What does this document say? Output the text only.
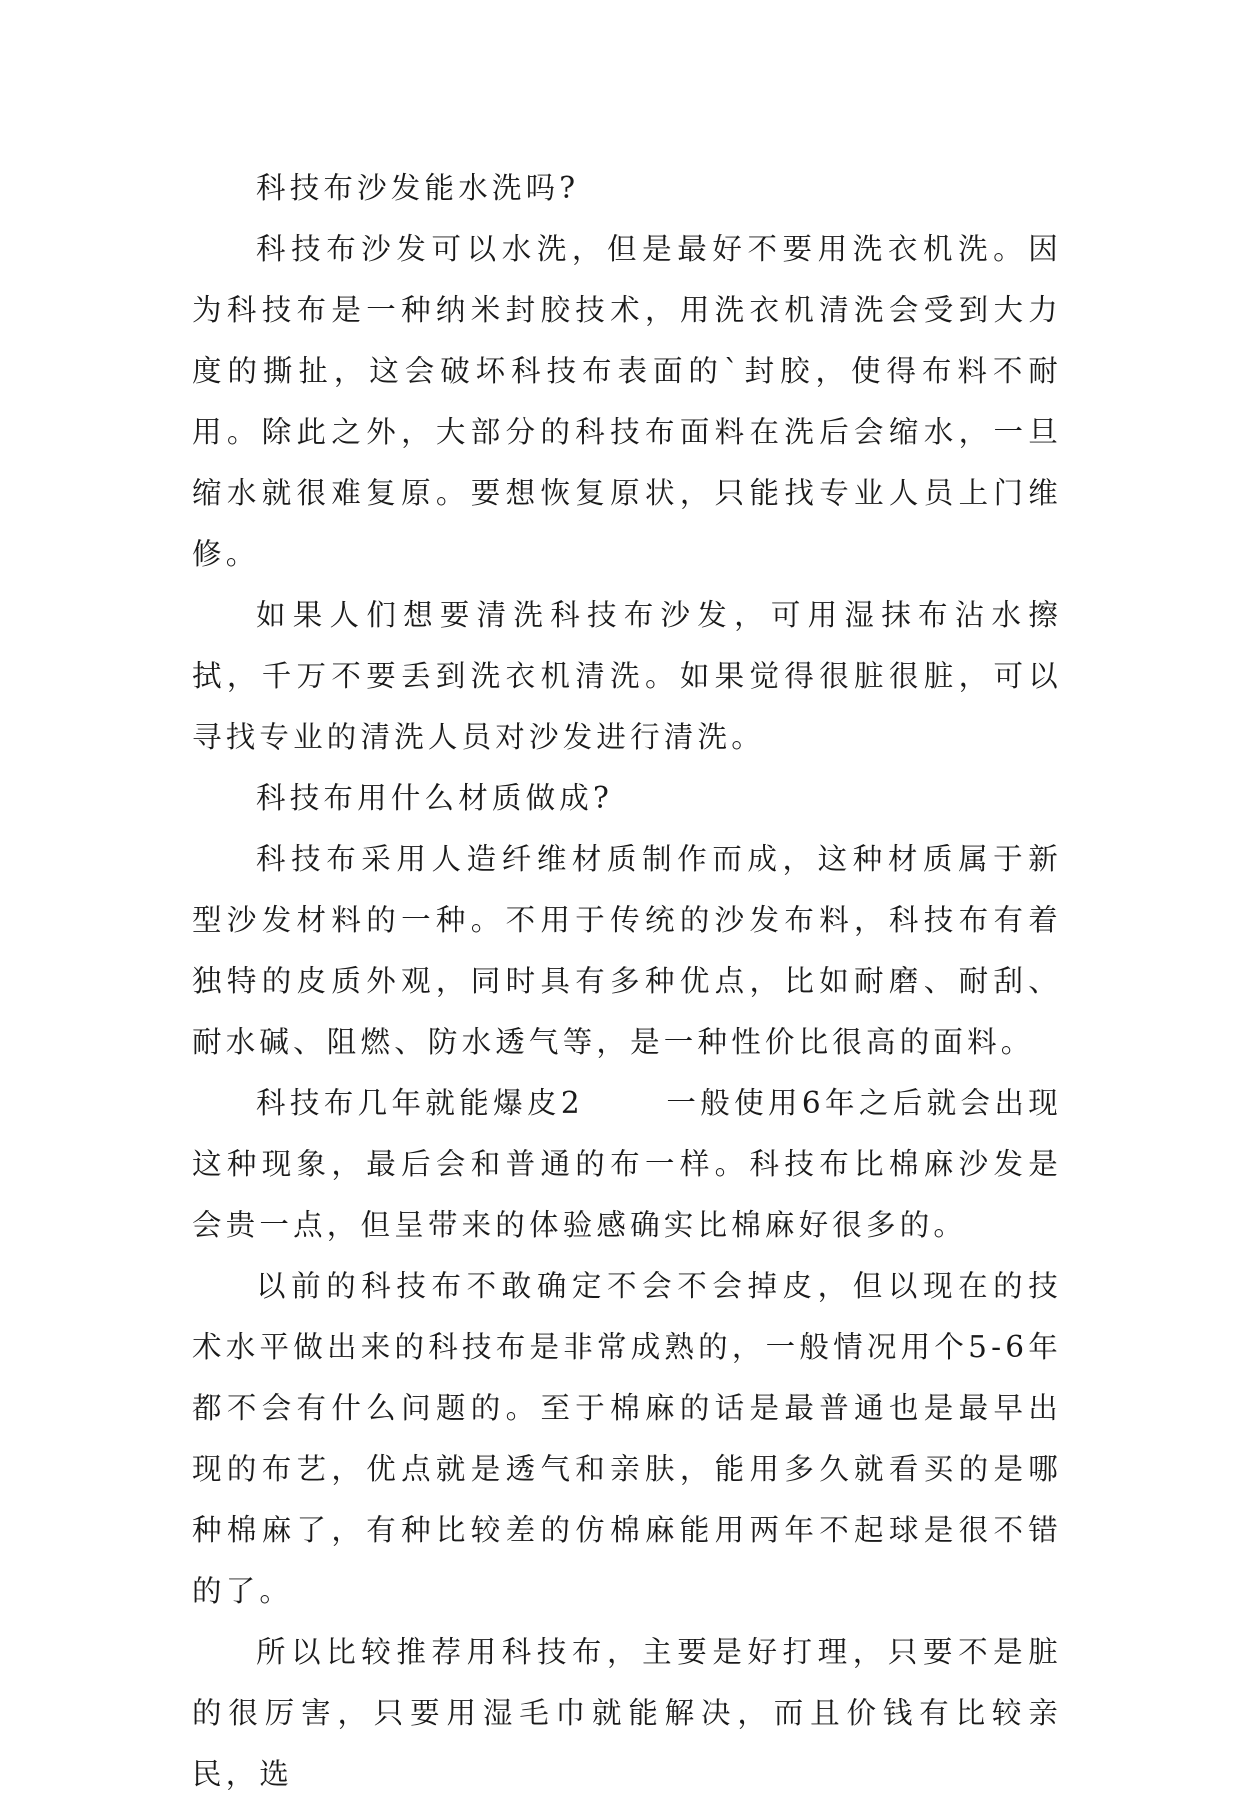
科技布沙发能水洗吗?

科技布沙发可以水洗，但是最好不要用洗衣机洗。因为科技布是一种纳米封胶技术，用洗衣机清洗会受到大力度的撕扯，这会破坏科技布表面的`封胶，使得布料不耐用。除此之外，大部分的科技布面料在洗后会缩水，一旦缩水就很难复原。要想恢复原状，只能找专业人员上门维修。

如果人们想要清洗科技布沙发，可用湿抹布沾水擦拭，千万不要丢到洗衣机清洗。如果觉得很脏很脏，可以寻找专业的清洗人员对沙发进行清洗。

科技布用什么材质做成?

科技布采用人造纤维材质制作而成，这种材质属于新型沙发材料的一种。不用于传统的沙发布料，科技布有着独特的皮质外观，同时具有多种优点，比如耐磨、耐刮、耐水碱、阻燃、防水透气等，是一种性价比很高的面料。

科技布几年就能爆皮2      一般使用6年之后就会出现这种现象，最后会和普通的布一样。科技布比棉麻沙发是会贵一点，但呈带来的体验感确实比棉麻好很多的。

以前的科技布不敢确定不会不会掉皮，但以现在的技术水平做出来的科技布是非常成熟的，一般情况用个5-6年都不会有什么问题的。至于棉麻的话是最普通也是最早出现的布艺，优点就是透气和亲肤，能用多久就看买的是哪种棉麻了，有种比较差的仿棉麻能用两年不起球是很不错的了。

所以比较推荐用科技布，主要是好打理，只要不是脏的很厉害，只要用湿毛巾就能解决，而且价钱有比较亲民，选
